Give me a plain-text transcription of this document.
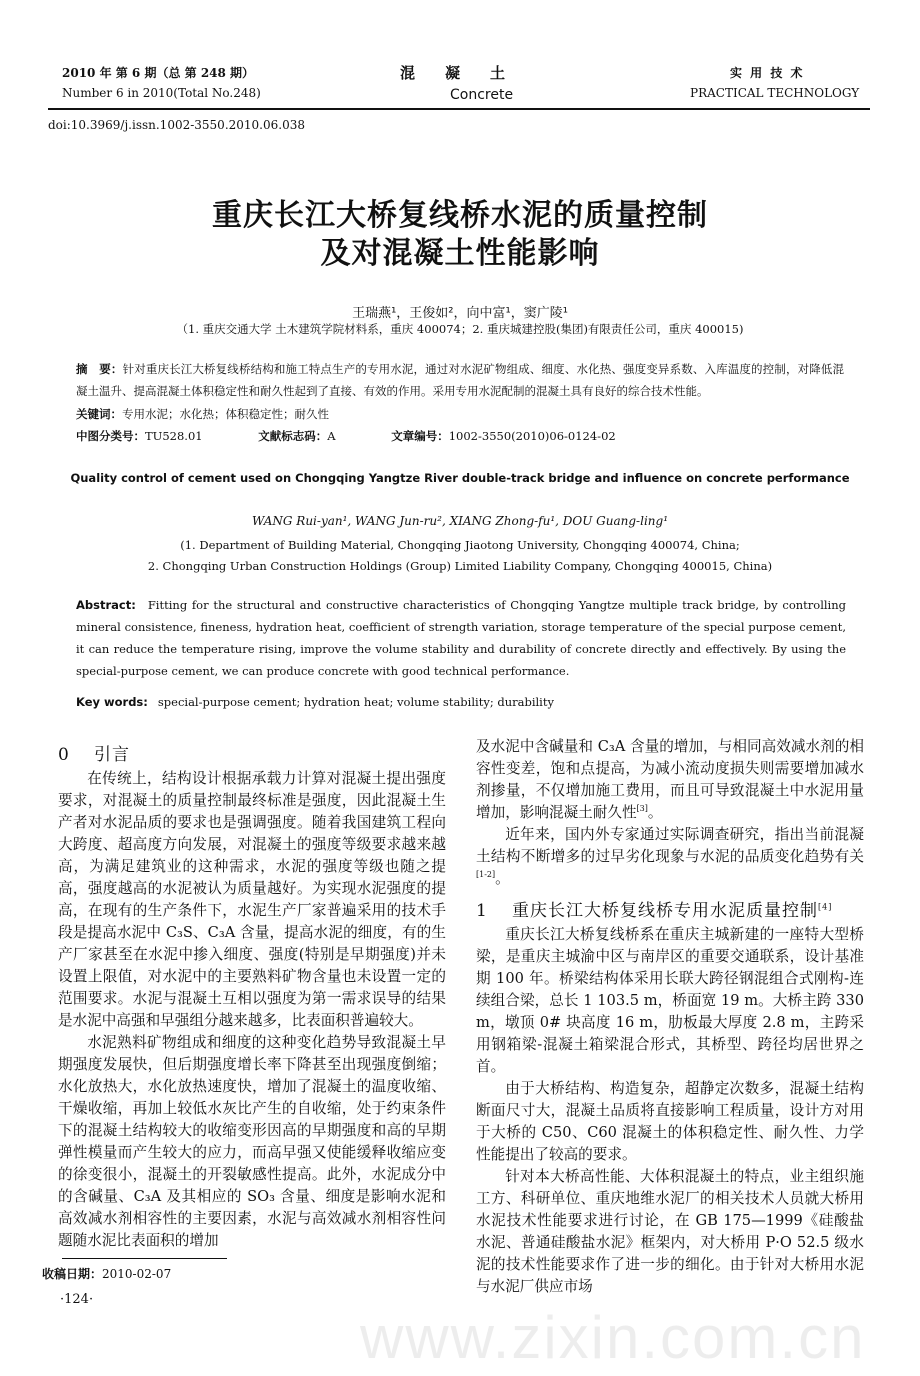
2010 年 第 6 期（总 第 248 期）
Number 6 in 2010(Total No.248)
混　　凝　　土
Concrete
实 用 技 术
PRACTICAL TECHNOLOGY
doi:10.3969/j.issn.1002-3550.2010.06.038
重庆长江大桥复线桥水泥的质量控制
及对混凝土性能影响
王瑞燕¹，王俊如²，向中富¹，窦广陵¹
（1. 重庆交通大学 土木建筑学院材料系，重庆 400074；2. 重庆城建控股(集团)有限责任公司，重庆 400015)
摘　要：针对重庆长江大桥复线桥结构和施工特点生产的专用水泥，通过对水泥矿物组成、细度、水化热、强度变异系数、入库温度的控制，对降低混凝土温升、提高混凝土体积稳定性和耐久性起到了直接、有效的作用。采用专用水泥配制的混凝土具有良好的综合技术性能。
关键词：专用水泥；水化热；体积稳定性；耐久性
中图分类号：TU528.01	文献标志码：A	文章编号：1002-3550(2010)06-0124-02
Quality control of cement used on Chongqing Yangtze River double-track bridge and influence on concrete performance
WANG Rui-yan¹, WANG Jun-ru², XIANG Zhong-fu¹, DOU Guang-ling¹
(1. Department of Building Material, Chongqing Jiaotong University, Chongqing 400074, China;
2. Chongqing Urban Construction Holdings (Group) Limited Liability Company, Chongqing 400015, China)
Abstract: Fitting for the structural and constructive characteristics of Chongqing Yangtze multiple track bridge, by controlling mineral consistence, fineness, hydration heat, coefficient of strength variation, storage temperature of the special purpose cement, it can reduce the temperature rising, improve the volume stability and durability of concrete directly and effectively. By using the special-purpose cement, we can produce concrete with good technical performance.
Key words: special-purpose cement; hydration heat; volume stability; durability

0 引言

在传统上，结构设计根据承载力计算对混凝土提出强度要求，对混凝土的质量控制最终标准是强度，因此混凝土生产者对水泥品质的要求也是强调强度。随着我国建筑工程向大跨度、超高度方向发展，对混凝土的强度等级要求越来越高，为满足建筑业的这种需求，水泥的强度等级也随之提高，强度越高的水泥被认为质量越好。为实现水泥强度的提高，在现有的生产条件下，水泥生产厂家普遍采用的技术手段是提高水泥中 C₃S、C₃A 含量，提高水泥的细度，有的生产厂家甚至在水泥中掺入细度、强度(特别是早期强度)并未设置上限值，对水泥中的主要熟料矿物含量也未设置一定的范围要求。水泥与混凝土互相以强度为第一需求误导的结果是水泥中高强和早强组分越来越多，比表面积普遍较大。

水泥熟料矿物组成和细度的这种变化趋势导致混凝土早期强度发展快，但后期强度增长率下降甚至出现强度倒缩；水化放热大，水化放热速度快，增加了混凝土的温度收缩、干燥收缩，再加上较低水灰比产生的自收缩，处于约束条件下的混凝土结构较大的收缩变形因高的早期强度和高的早期弹性模量而产生较大的应力，而高早强又使能缓释收缩应变的徐变很小，混凝土的开裂敏感性提高。此外，水泥成分中的含碱量、C₃A 及其相应的 SO₃ 含量、细度是影响水泥和高效减水剂相容性的主要因素，水泥与高效减水剂相容性问题随水泥比表面积的增加

收稿日期：2010-02-07
·124·

及水泥中含碱量和 C₃A 含量的增加，与相同高效减水剂的相容性变差，饱和点提高，为减小流动度损失则需要增加减水剂掺量，不仅增加施工费用，而且可导致混凝土中水泥用量增加，影响混凝土耐久性[3]。

近年来，国内外专家通过实际调查研究，指出当前混凝土结构不断增多的过早劣化现象与水泥的品质变化趋势有关[1-2]。

1 重庆长江大桥复线桥专用水泥质量控制[4]

重庆长江大桥复线桥系在重庆主城新建的一座特大型桥梁，是重庆主城渝中区与南岸区的重要交通联系，设计基准期 100 年。桥梁结构体采用长联大跨径钢混组合式刚构-连续组合梁，总长 1 103.5 m，桥面宽 19 m。大桥主跨 330 m，墩顶 0# 块高度 16 m，肋板最大厚度 2.8 m，主跨采用钢箱梁-混凝土箱梁混合形式，其桥型、跨径均居世界之首。

由于大桥结构、构造复杂，超静定次数多，混凝土结构断面尺寸大，混凝土品质将直接影响工程质量，设计方对用于大桥的 C50、C60 混凝土的体积稳定性、耐久性、力学性能提出了较高的要求。

针对本大桥高性能、大体积混凝土的特点，业主组织施工方、科研单位、重庆地维水泥厂的相关技术人员就大桥用水泥技术性能要求进行讨论，在 GB 175—1999《硅酸盐水泥、普通硅酸盐水泥》框架内，对大桥用 P·O 52.5 级水泥的技术性能要求作了进一步的细化。由于针对大桥用水泥与水泥厂供应市场

www.zixin.com.cn
